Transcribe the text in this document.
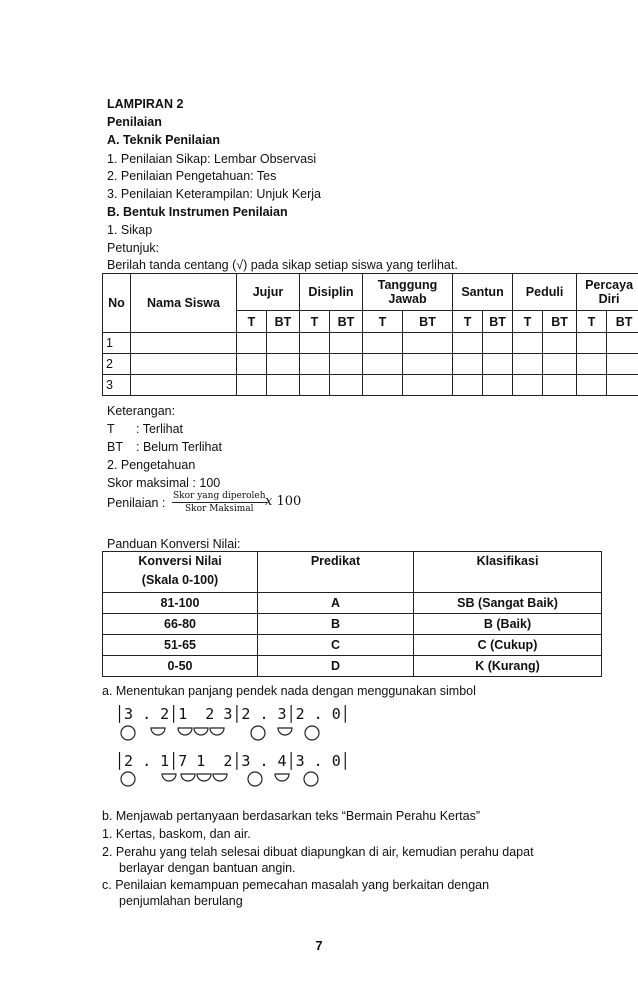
LAMPIRAN 2
Penilaian
A. Teknik Penilaian
1. Penilaian Sikap: Lembar Observasi
2. Penilaian Pengetahuan: Tes
3. Penilaian Keterampilan: Unjuk Kerja
B. Bentuk Instrumen Penilaian
1. Sikap
Petunjuk:
Berilah tanda centang (√) pada sikap setiap siswa yang terlihat.
No	Nama Siswa	Jujur		Disiplin		Tanggung Jawab		Santun		Peduli		Percaya Diri	
		T	BT	T	BT	T	BT	T	BT	T	BT	T	BT
1													
2													
3													
Keterangan:
T : Terlihat
BT : Belum Terlihat
2. Pengetahuan
Skor maksimal : 100
Penilaian : Skor yang diperoleh
Skor Maksimal x 100
Panduan Konversi Nilai:
Konversi Nilai
(Skala 0-100)	Predikat	Klasifikasi
81-100	A	SB (Sangat Baik)
66-80	B	B (Baik)
51-65	C	C (Cukup)
0-50	D	K (Kurang)
a. Menentukan panjang pendek nada dengan menggunakan simbol
│3 . 2│1  2 3│2 . 3│2 . 0│
│2 . 1│7 1  2│3 . 4│3 . 0│
b. Menjawab pertanyaan berdasarkan teks “Bermain Perahu Kertas”
1. Kertas, baskom, dan air.
2. Perahu yang telah selesai dibuat diapungkan di air, kemudian perahu dapat
berlayar dengan bantuan angin.
c. Penilaian kemampuan pemecahan masalah yang berkaitan dengan
penjumlahan berulang
7
